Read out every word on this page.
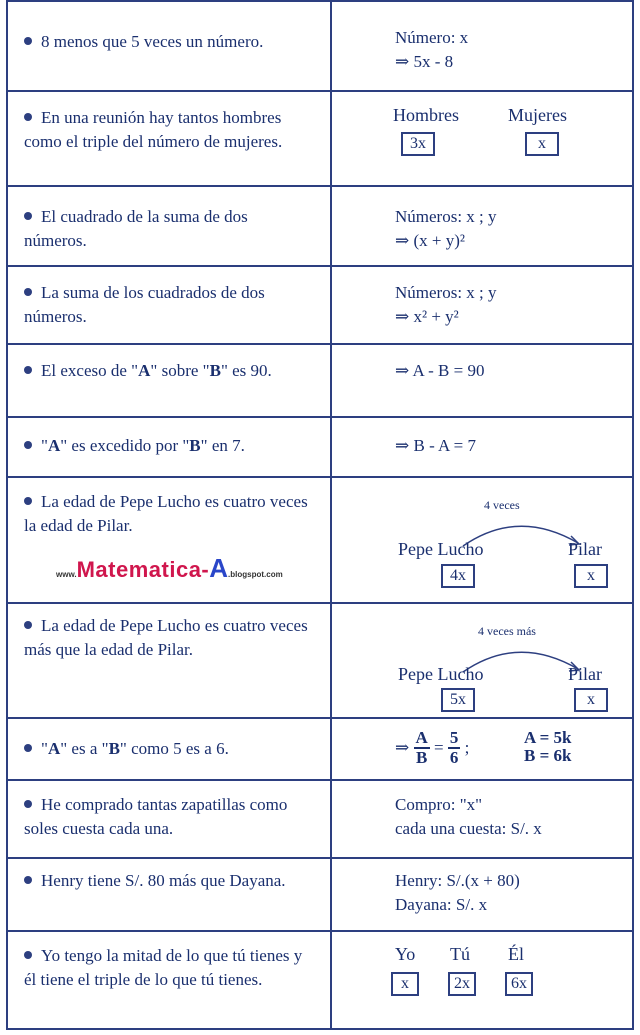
8 menos que 5 veces un número.	Número: x
⇒ 5x - 8
En una reunión hay tantos hombres como el triple del número de mujeres.
Hombres	Mujeres
3x	x
El cuadrado de la suma de dos números.
Números: x ; y
⇒ (x + y)²
La suma de los cuadrados de dos números.
Números: x ; y
⇒ x² + y²
El exceso de "A" sobre "B" es 90.	⇒ A - B = 90
"A" es excedido por "B" en 7.	⇒ B - A = 7
La edad de Pepe Lucho es cuatro veces la edad de Pilar.
4 veces
Pepe Lucho	Pilar
4x	x
www.Matematica-A.blogspot.com
La edad de Pepe Lucho es cuatro veces más que la edad de Pilar.
4 veces más
Pepe Lucho	Pilar
5x	x
"A" es a "B" como 5 es a 6.	⇒ $\frac{A}{B} = \frac{5}{6}$ ;
A = 5k
B = 6k
He comprado tantas zapatillas como soles cuesta cada una.
Compro: "x"
cada una cuesta: S/. x
Henry tiene S/. 80 más que Dayana.	Henry: S/.(x + 80)
Dayana: S/. x
Yo tengo la mitad de lo que tú tienes y él tiene el triple de lo que tú tienes.
Yo Tú Él
x	2x	6x
